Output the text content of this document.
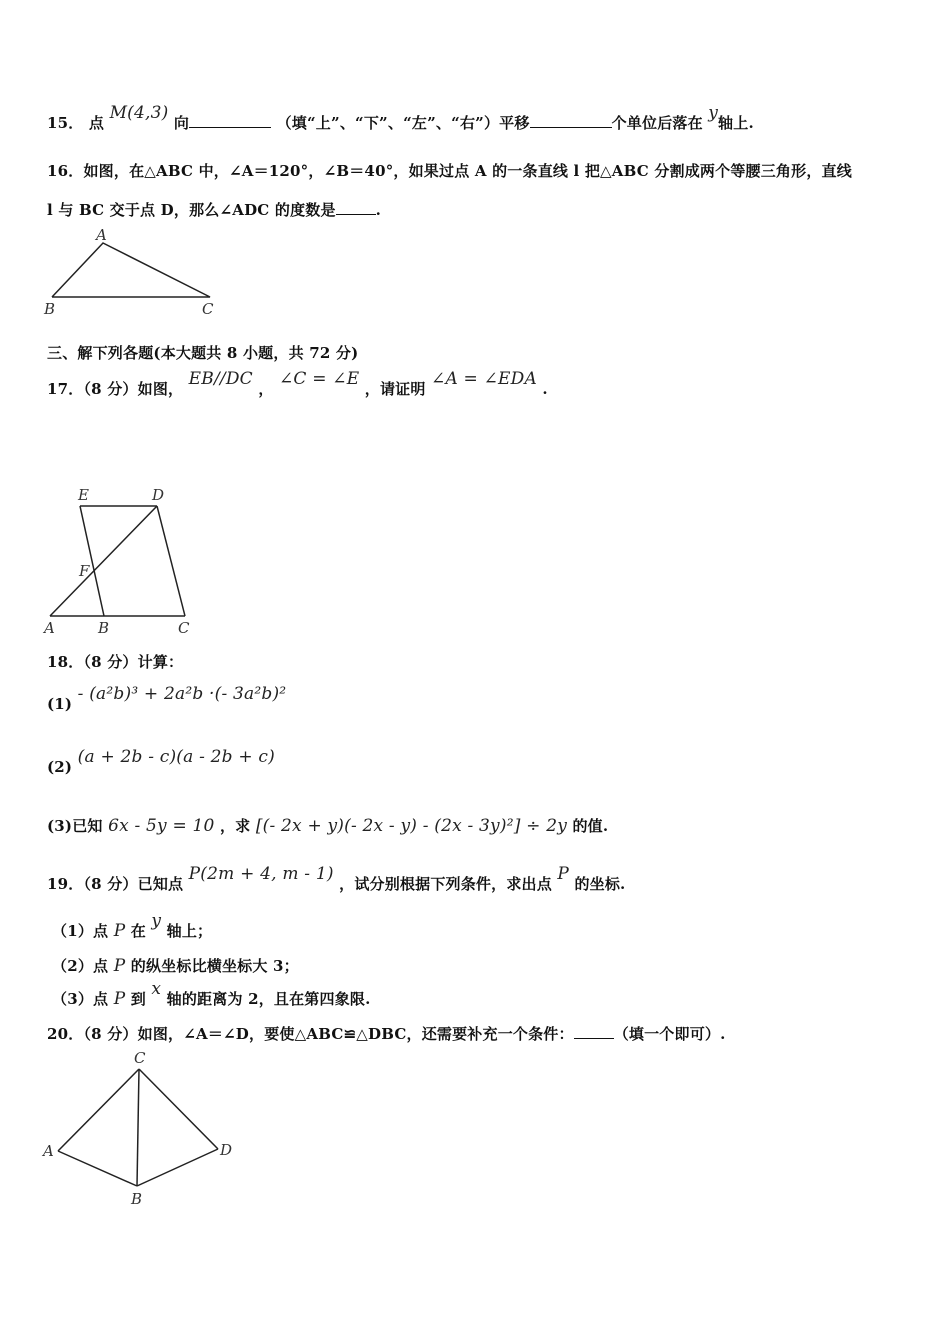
15． 点 M(4,3) 向	（填“上”、“下”、“左”、“右”）平移	个单位后落在 y轴上.
16．如图，在△ABC 中，∠A＝120°，∠B＝40°，如果过点 A 的一条直线 l 把△ABC 分割成两个等腰三角形，直线
l 与 BC 交于点 D，那么∠ADC 的度数是	.
A
B	C
三、解下列各题(本大题共 8 小题，共 72 分)
17．（8 分）如图， EB//DC ， ∠C = ∠E ，请证明 ∠A = ∠EDA .
E	D
F
A	B	C
18．（8 分）计算：
(1) - (a²b)³ + 2a²b ·(- 3a²b)²
(2) (a + 2b - c)(a - 2b + c)
(3)已知 6x - 5y = 10 ，求 [(- 2x + y)(- 2x - y) - (2x - 3y)²] ÷ 2y 的值.
19．（8 分）已知点 P(2m + 4, m - 1) ，试分别根据下列条件，求出点 P 的坐标.
（1）点 P 在 y 轴上；
（2）点 P 的纵坐标比横坐标大 3；
（3）点 P 到 x 轴的距离为 2，且在第四象限.
20．（8 分）如图，∠A＝∠D，要使△ABC≌△DBC，还需要补充一个条件：	（填一个即可）.
C
A	D
B
